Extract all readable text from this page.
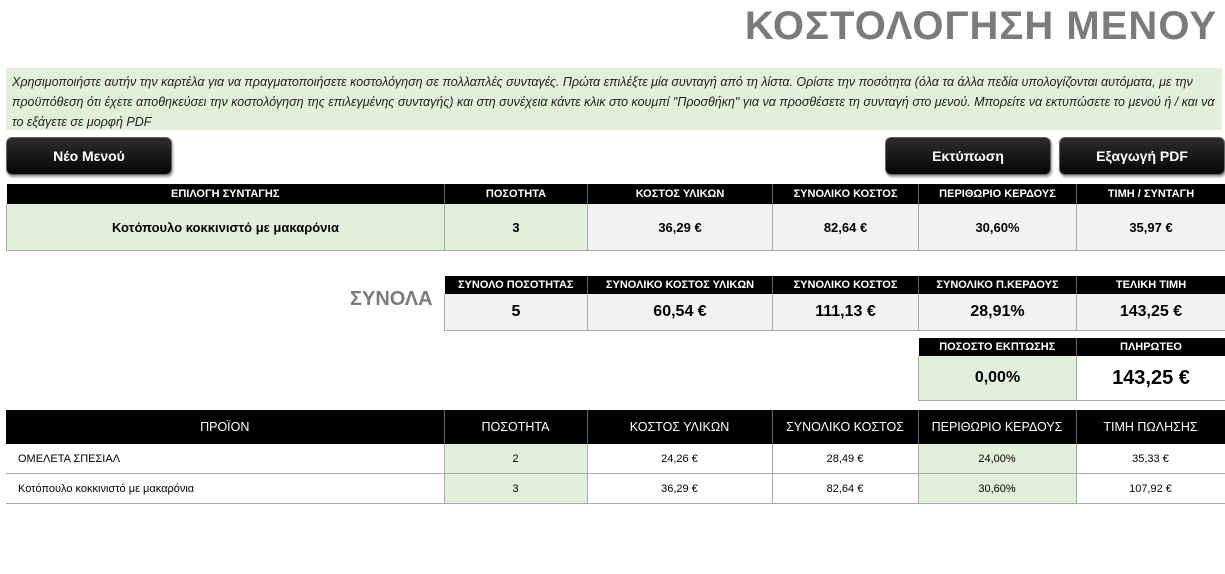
ΚΟΣΤΟΛΟΓΗΣΗ ΜΕΝΟΥ
Χρησιμοποιήστε αυτήν την καρτέλα για να πραγματοποιήσετε κοστολόγηση σε πολλαπλές συνταγές. Πρώτα επιλέξτε μία συνταγή από τη λίστα. Ορίστε την ποσότητα (όλα τα άλλα πεδία υπολογίζονται αυτόματα, με την προϋπόθεση ότι έχετε αποθηκεύσει την κοστολόγηση της επιλεγμένης συνταγής) και στη συνέχεια κάντε κλικ στο κουμπί "Προσθήκη" για να προσθέσετε τη συνταγή στο μενού. Μπορείτε να εκτυπώσετε το μενού ή / και να το εξάγετε σε μορφή PDF
Νέο Μενού	Εκτύπωση	Εξαγωγή PDF
ΕΠΙΛΟΓΗ ΣΥΝΤΑΓΗΣ	ΠΟΣΟΤΗΤΑ	ΚΟΣΤΟΣ ΥΛΙΚΩΝ	ΣΥΝΟΛΙΚΟ ΚΟΣΤΟΣ	ΠΕΡΙΘΩΡΙΟ ΚΕΡΔΟΥΣ	ΤΙΜΗ / ΣΥΝΤΑΓΗ
Κοτόπουλο κοκκινιστό με μακαρόνια	3	36,29 €	82,64 €	30,60%	35,97 €
ΣΥΝΟΛΑ
ΣΥΝΟΛΟ ΠΟΣΟΤΗΤΑΣ	ΣΥΝΟΛΙΚΟ ΚΟΣΤΟΣ ΥΛΙΚΩΝ	ΣΥΝΟΛΙΚΟ ΚΟΣΤΟΣ	ΣΥΝΟΛΙΚΟ Π.ΚΕΡΔΟΥΣ	ΤΕΛΙΚΗ ΤΙΜΗ
5	60,54 €	111,13 €	28,91%	143,25 €
ΠΟΣΟΣΤΟ ΕΚΠΤΩΣΗΣ	ΠΛΗΡΩΤΕΟ
0,00%	143,25 €
ΠΡΟΪΟΝ	ΠΟΣΟΤΗΤΑ	ΚΟΣΤΟΣ ΥΛΙΚΩΝ	ΣΥΝΟΛΙΚΟ ΚΟΣΤΟΣ	ΠΕΡΙΘΩΡΙΟ ΚΕΡΔΟΥΣ	ΤΙΜΗ ΠΩΛΗΣΗΣ
ΟΜΕΛΕΤΑ ΣΠΕΣΙΑΛ	2	24,26 €	28,49 €	24,00%	35,33 €
Κοτόπουλο κοκκινιστό με μακαρόνια	3	36,29 €	82,64 €	30,60%	107,92 €
